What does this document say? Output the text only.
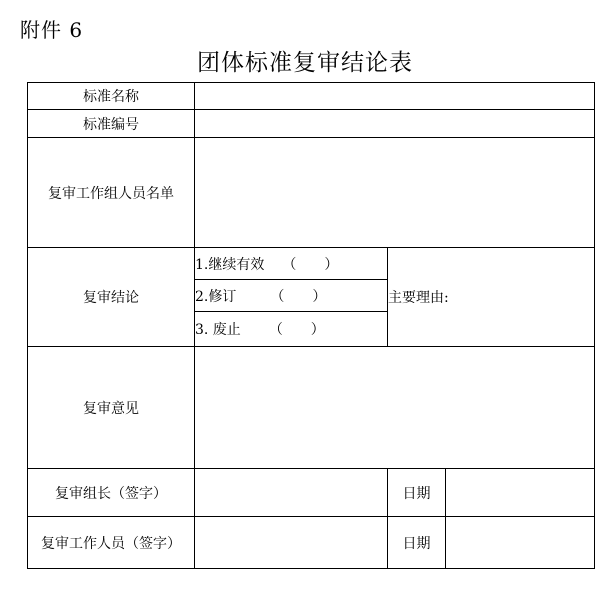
附件 6
团体标准复审结论表
标准名称			
标准编号			
复审工作组人员名单			
复审结论	1.继续有效 （　　）	主要理由:	
	2.修订 （　　）		
	3. 废止 （　　）		
复审意见			
复审组长（签字）		日期	
复审工作人员（签字）		日期	
